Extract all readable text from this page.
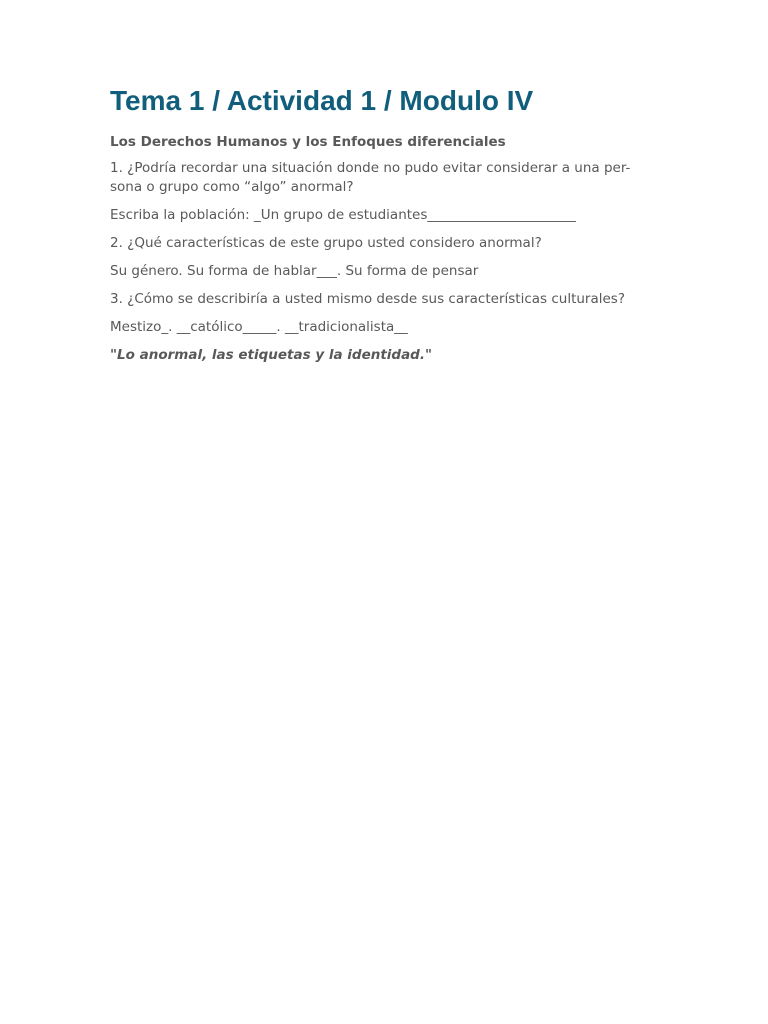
Tema 1 / Actividad 1 / Modulo IV
Los Derechos Humanos y los Enfoques diferenciales
1. ¿Podría recordar una situación donde no pudo evitar considerar a una per-
sona o grupo como “algo” anormal?
Escriba la población: _Un grupo de estudiantes______________________
2. ¿Qué características de este grupo usted considero anormal?
Su género. Su forma de hablar___. Su forma de pensar
3. ¿Cómo se describiría a usted mismo desde sus características culturales?
Mestizo_. __católico_____. __tradicionalista__
"Lo anormal, las etiquetas y la identidad."
